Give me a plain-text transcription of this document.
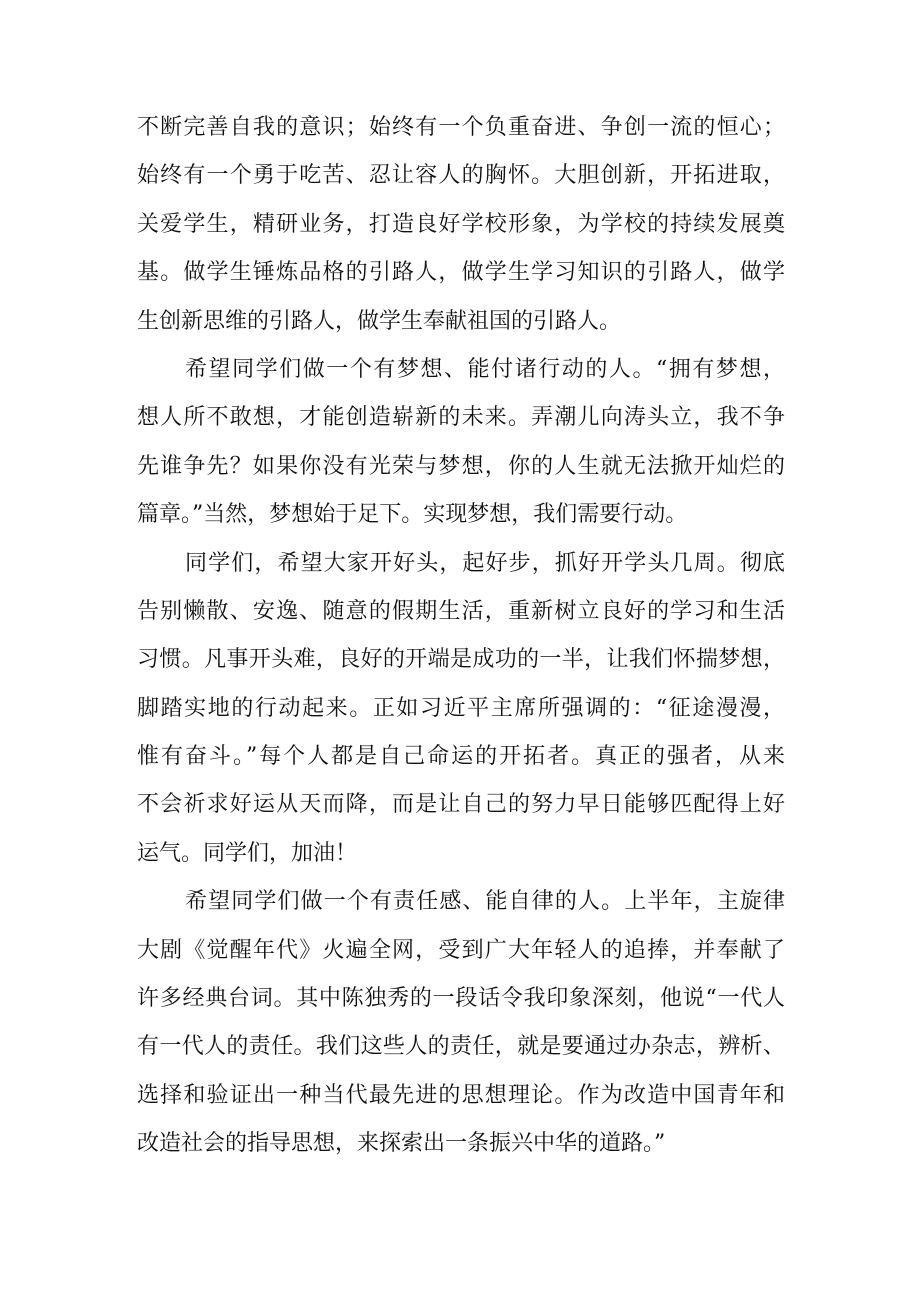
不断完善自我的意识；始终有一个负重奋进、争创一流的恒心；
始终有一个勇于吃苦、忍让容人的胸怀。大胆创新，开拓进取，
关爱学生，精研业务，打造良好学校形象，为学校的持续发展奠
基。做学生锤炼品格的引路人，做学生学习知识的引路人，做学
生创新思维的引路人，做学生奉献祖国的引路人。
希望同学们做一个有梦想、能付诸行动的人。“拥有梦想，
想人所不敢想，才能创造崭新的未来。弄潮儿向涛头立，我不争
先谁争先？如果你没有光荣与梦想，你的人生就无法掀开灿烂的
篇章。”当然，梦想始于足下。实现梦想，我们需要行动。
同学们，希望大家开好头，起好步，抓好开学头几周。彻底
告别懒散、安逸、随意的假期生活，重新树立良好的学习和生活
习惯。凡事开头难，良好的开端是成功的一半，让我们怀揣梦想，
脚踏实地的行动起来。正如习近平主席所强调的：“征途漫漫，
惟有奋斗。”每个人都是自己命运的开拓者。真正的强者，从来
不会祈求好运从天而降，而是让自己的努力早日能够匹配得上好
运气。同学们，加油！
希望同学们做一个有责任感、能自律的人。上半年，主旋律
大剧《觉醒年代》火遍全网，受到广大年轻人的追捧，并奉献了
许多经典台词。其中陈独秀的一段话令我印象深刻，他说“一代人
有一代人的责任。我们这些人的责任，就是要通过办杂志，辨析、
选择和验证出一种当代最先进的思想理论。作为改造中国青年和
改造社会的指导思想，来探索出一条振兴中华的道路。”
